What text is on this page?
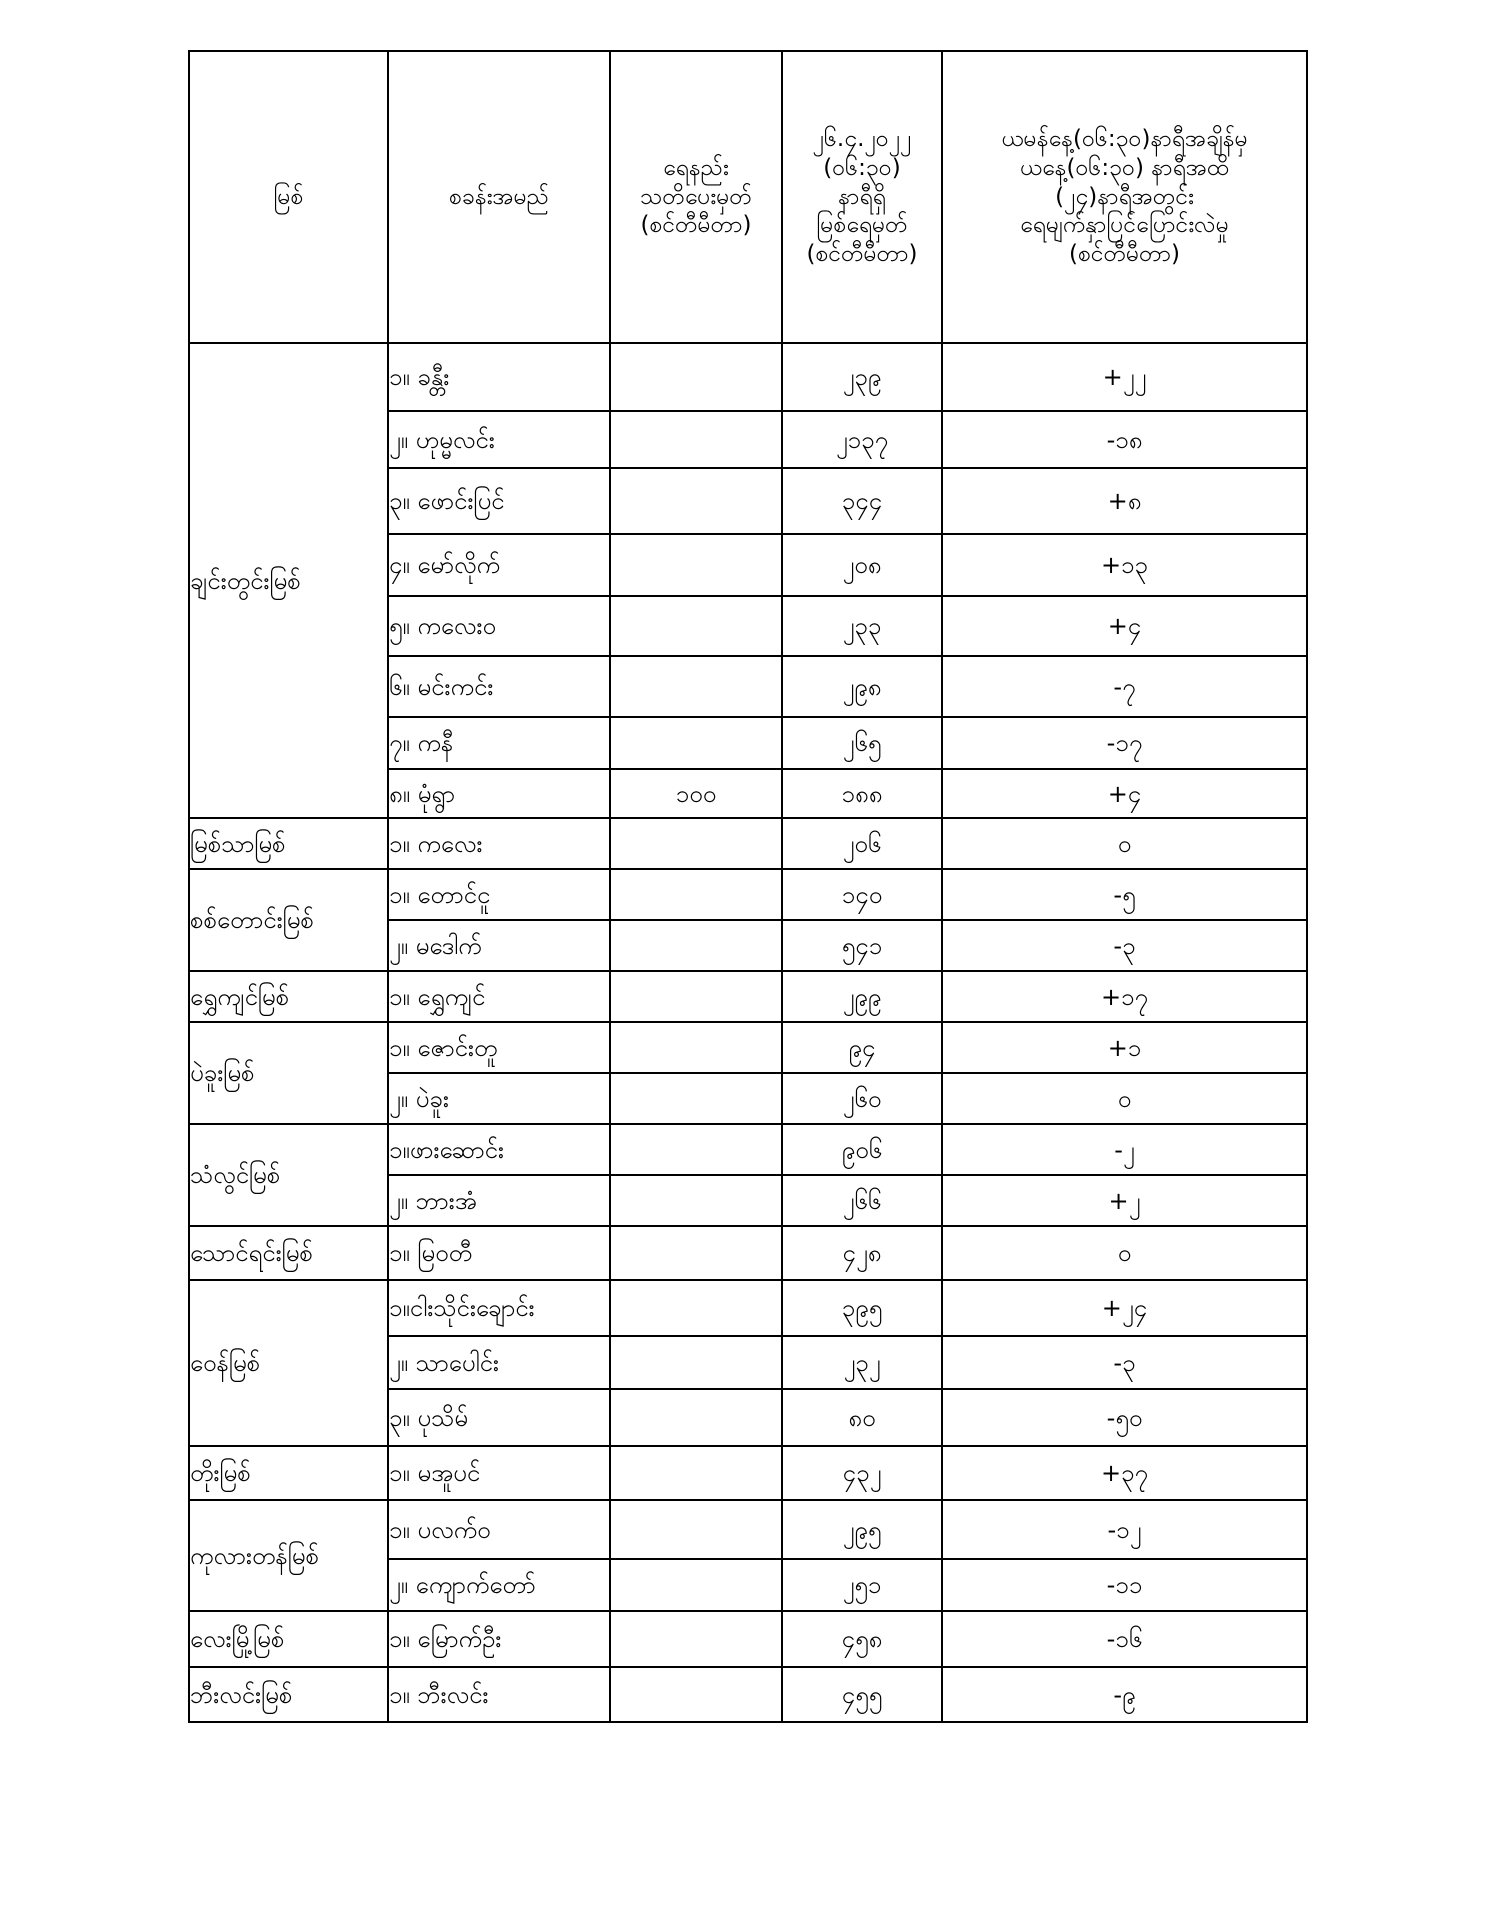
မြစ်	စခန်းအမည်	ရေနည်း
သတိပေးမှတ်
(စင်တီမီတာ)	၂၆.၄.၂၀၂၂
(၀၆:၃၀)
နာရီရှိ
မြစ်ရေမှတ်
(စင်တီမီတာ)	ယမန်နေ့(၀၆:၃၀)နာရီအချိန်မှ
ယနေ့(၀၆:၃၀) နာရီအထိ
(၂၄)နာရီအတွင်း
ရေမျက်နှာပြင်ပြောင်းလဲမှု
(စင်တီမီတာ)

ချင်းတွင်းမြစ်	၁။ ခန္တီး		၂၃၉	+၂၂
	၂။ ဟုမ္မလင်း		၂၁၃၇	-၁၈
	၃။ ဖောင်းပြင်		၃၄၄	+၈
	၄။ မော်လိုက်		၂၀၈	+၁၃
	၅။ ကလေးဝ		၂၃၃	+၄
	၆။ မင်းကင်း		၂၉၈	-၇
	၇။ ကနီ		၂၆၅	-၁၇
	၈။ မုံရွာ	၁၀၀	၁၈၈	+၄
မြစ်သာမြစ်	၁။ ကလေး		၂၀၆	၀
စစ်တောင်းမြစ်	၁။ တောင်ငူ		၁၄၀	-၅
	၂။ မဒေါက်		၅၄၁	-၃
ရွှေကျင်မြစ်	၁။ ရွှေကျင်		၂၉၉	+၁၇
ပဲခူးမြစ်	၁။ ဇောင်းတူ		၉၄	+၁
	၂။ ပဲခူး		၂၆၀	၀
သံလွင်မြစ်	၁။ဖားဆောင်း		၉၀၆	-၂
	၂။ ဘားအံ		၂၆၆	+၂
သောင်ရင်းမြစ်	၁။ မြဝတီ		၄၂၈	၀
ဝေန်မြစ်	၁။ငါးသိုင်းချောင်း		၃၉၅	+၂၄
	၂။ သာပေါင်း		၂၃၂	-၃
	၃။ ပုသိမ်		၈၀	-၅၀
တိုးမြစ်	၁။ မအူပင်		၄၃၂	+၃၇
ကုလားတန်မြစ်	၁။ ပလက်ဝ		၂၉၅	-၁၂
	၂။ ကျောက်တော်		၂၅၁	-၁၁
လေးမြို့မြစ်	၁။ မြောက်ဦး		၄၅၈	-၁၆
ဘီးလင်းမြစ်	၁။ ဘီးလင်း		၄၅၅	-၉
